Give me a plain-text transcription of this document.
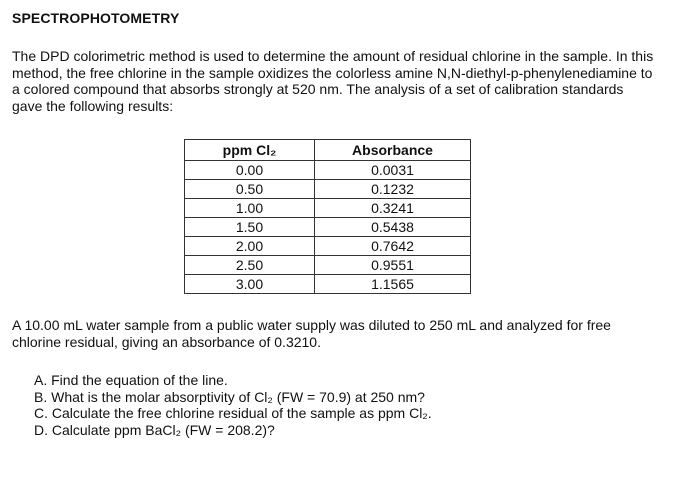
SPECTROPHOTOMETRY
The DPD colorimetric method is used to determine the amount of residual chlorine in the sample. In this method, the free chlorine in the sample oxidizes the colorless amine N,N-diethyl-p-phenylenediamine to a colored compound that absorbs strongly at 520 nm. The analysis of a set of calibration standards gave the following results:
ppm Cl₂	Absorbance
0.00	0.0031
0.50	0.1232
1.00	0.3241
1.50	0.5438
2.00	0.7642
2.50	0.9551
3.00	1.1565
A 10.00 mL water sample from a public water supply was diluted to 250 mL and analyzed for free chlorine residual, giving an absorbance of 0.3210.
A. Find the equation of the line.
B. What is the molar absorptivity of Cl₂ (FW = 70.9) at 250 nm?
C. Calculate the free chlorine residual of the sample as ppm Cl₂.
D. Calculate ppm BaCl₂ (FW = 208.2)?
